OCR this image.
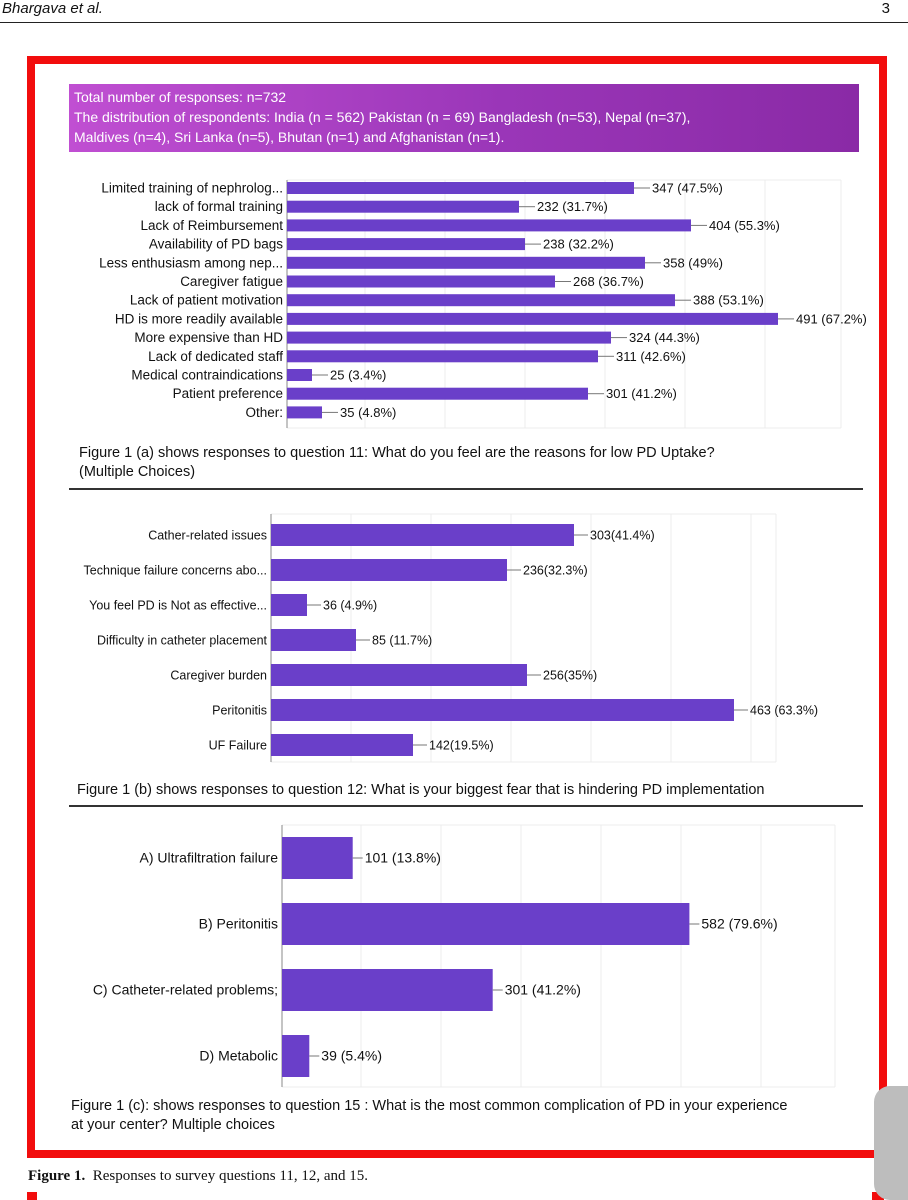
Bhargava et al.	3
Total number of responses: n=732
The distribution of respondents: India (n = 562) Pakistan (n = 69) Bangladesh (n=53), Nepal (n=37),
Maldives (n=4), Sri Lanka (n=5), Bhutan (n=1) and Afghanistan (n=1).
Limited training of nephrolog...	347 (47.5%)
lack of formal training	232 (31.7%)
Lack of Reimbursement	404 (55.3%)
Availability of PD bags	238 (32.2%)
Less enthusiasm among nep...	358 (49%)
Caregiver fatigue	268 (36.7%)
Lack of patient motivation	388 (53.1%)
HD is more readily available	491 (67.2%)
More expensive than HD	324 (44.3%)
Lack of dedicated staff	311 (42.6%)
Medical contraindications	25 (3.4%)
Patient preference	301 (41.2%)
Other:	35 (4.8%)
Figure 1 (a) shows responses to question 11: What do you feel are the reasons for low PD Uptake?
(Multiple Choices)
Cather-related issues	303(41.4%)
Technique failure concerns abo...	236(32.3%)
You feel PD is Not as effective...	36 (4.9%)
Difficulty in catheter placement	85 (11.7%)
Caregiver burden	256(35%)
Peritonitis	463 (63.3%)
UF Failure	142(19.5%)
Figure 1 (b) shows responses to question 12: What is your biggest fear that is hindering PD implementation
A) Ultrafiltration failure	101 (13.8%)
B) Peritonitis	582 (79.6%)
C) Catheter-related problems;	301 (41.2%)
D) Metabolic	39 (5.4%)
Figure 1 (c): shows responses to question 15 : What is the most common complication of PD in your experience
at your center? Multiple choices
Figure 1. Responses to survey questions 11, 12, and 15.
